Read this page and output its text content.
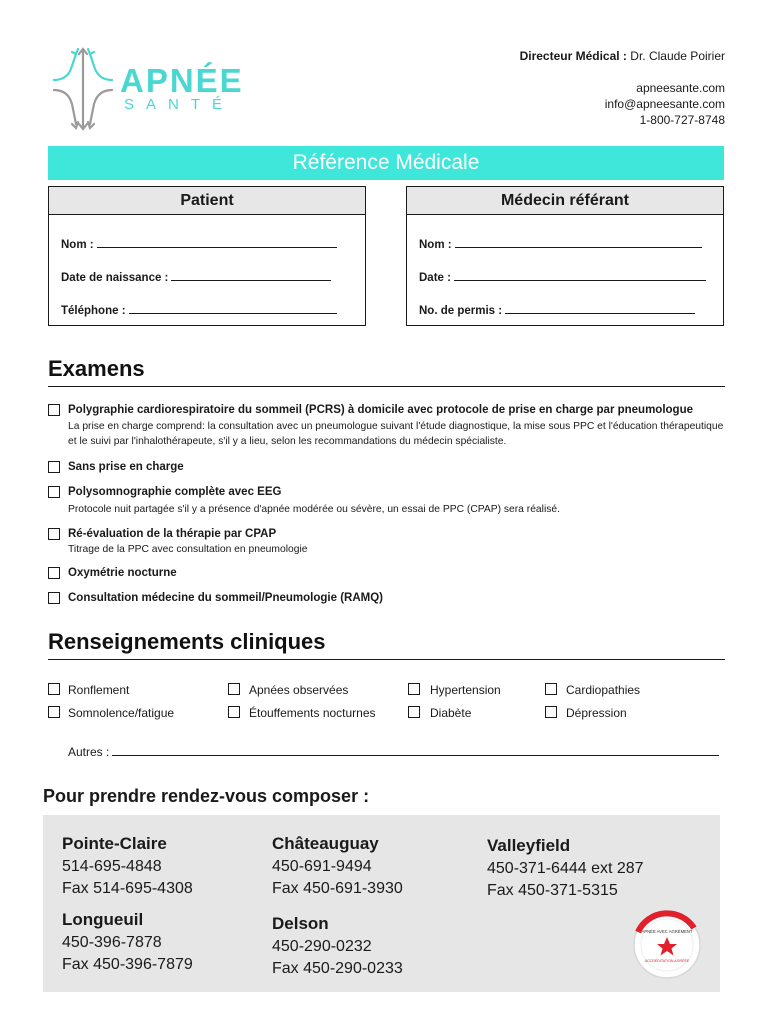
APNÉE
SANTÉ
Directeur Médical : Dr. Claude Poirier
apneesante.com
info@apneesante.com
1-800-727-8748
Référence Médicale
Patient
Nom :
Date de naissance :
Téléphone :
Médecin référant
Nom :
Date :
No. de permis :
Examens
Polygraphie cardiorespiratoire du sommeil (PCRS) à domicile avec protocole de prise en charge par pneumologue
La prise en charge comprend: la consultation avec un pneumologue suivant l'étude diagnostique, la mise sous PPC et l'éducation thérapeutique et le suivi par l'inhalothérapeute, s'il y a lieu, selon les recommandations du médecin spécialiste.
Sans prise en charge
Polysomnographie complète avec EEG
Protocole nuit partagée s'il y a présence d'apnée modérée ou sévère, un essai de PPC (CPAP) sera réalisé.
Ré-évaluation de la thérapie par CPAP
Titrage de la PPC avec consultation en pneumologie
Oxymétrie nocturne
Consultation médecine du sommeil/Pneumologie (RAMQ)
Renseignements cliniques
Ronflement	Apnées observées	Hypertension	Cardiopathies
Somnolence/fatigue	Étouffements nocturnes	Diabète	Dépression
Autres :
Pour prendre rendez-vous composer :
Pointe-Claire
514-695-4848
Fax 514-695-4308
Longueuil
450-396-7878
Fax 450-396-7879
Châteauguay
450-691-9494
Fax 450-691-3930
Delson
450-290-0232
Fax 450-290-0233
Valleyfield
450-371-6444 ext 287
Fax 450-371-5315
APNÉE AVEC AGRÉMENT
ACCRÉDITATION AGRÉÉE
